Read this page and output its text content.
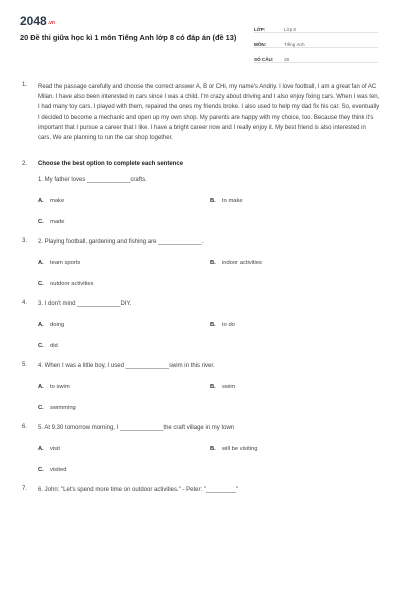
2048.vn
20 Đề thi giữa học kì 1 môn Tiếng Anh lớp 8 có đáp án (đề 13)
LỚP:	Lớp 8
MÔN:	Tiếng Anh
SỐ CÂU:	28
1. Read the passage carefully and choose the correct answer A, B or CHi, my name's Andriy. I love football, I am a great fan of AC Milan. I have also been interested in cars since I was a child. I'm crazy about driving and I also enjoy fixing cars. When I was ten, I had many toy cars. I played with them, repaired the ones my friends broke. I also used to help my dad fix his car. So, eventually I decided to become a mechanic and open up my own shop. My parents are happy with my choice, too. Because they think it's important that I pursue a career that I like. I have a bright career now and I really enjoy it. My best friend is also interested in cars. We are planning to run the car shop together.

2. Choose the best option to complete each sentence
1. My father loves _____________crafts.
A.	make	B.	to make
C.	made
3. 2. Playing football, gardening and fishing are _____________.
A.	team sports	B.	indoor activities
C.	outdoor activities
4. 3. I don't mind _____________DIY.
A.	doing	B.	to do
C.	did
5. 4. When I was a little boy, I used _____________swim in this river.
A.	to swim	B.	swim
C.	swimming
6. 5. At 9.30 tomorrow morning, I _____________the craft village in my town
A.	visit	B.	will be visiting
C.	visited
7. 6. John: "Let's spend more time on outdoor activities." - Peter: "_________"
